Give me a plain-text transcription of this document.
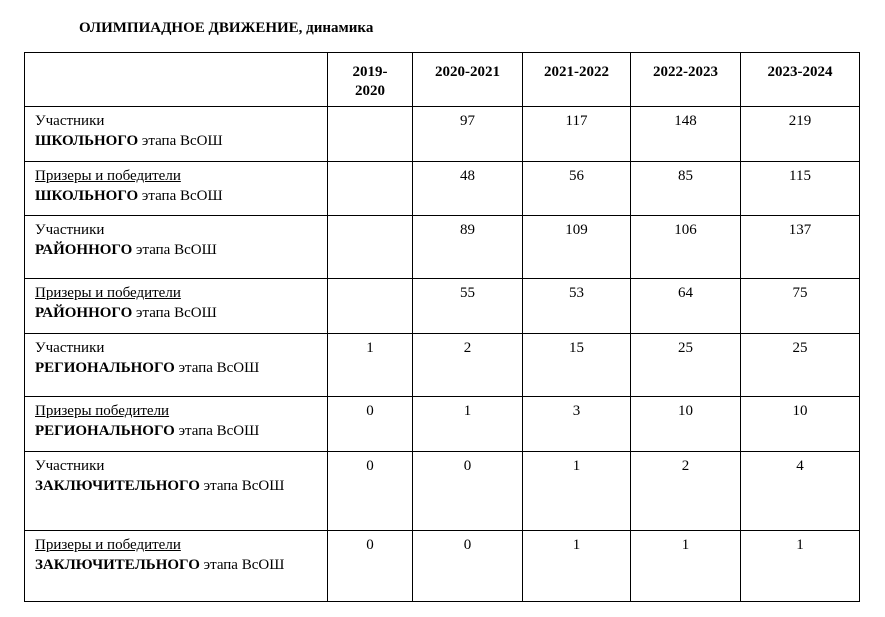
ОЛИМПИАДНОЕ ДВИЖЕНИЕ, динамика
	2019-2020	2020-2021	2021-2022	2022-2023	2023-2024
Участники
ШКОЛЬНОГО этапа ВсОШ		97	117	148	219
Призеры и победители
ШКОЛЬНОГО этапа ВсОШ		48	56	85	115
Участники
РАЙОННОГО этапа ВсОШ		89	109	106	137
Призеры и победители
РАЙОННОГО этапа ВсОШ		55	53	64	75
Участники
РЕГИОНАЛЬНОГО этапа ВсОШ	1	2	15	25	25
Призеры победители
РЕГИОНАЛЬНОГО этапа ВсОШ	0	1	3	10	10
Участники
ЗАКЛЮЧИТЕЛЬНОГО этапа ВсОШ	0	0	1	2	4
Призеры и победители
ЗАКЛЮЧИТЕЛЬНОГО этапа ВсОШ	0	0	1	1	1
